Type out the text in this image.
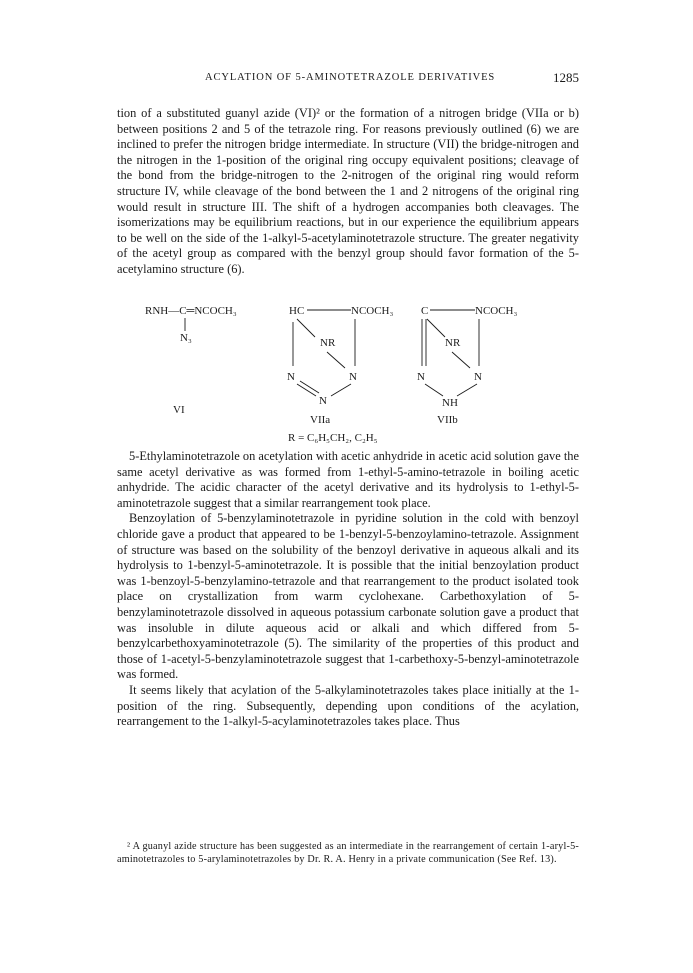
ACYLATION OF 5-AMINOTETRAZOLE DERIVATIVES	1285

tion of a substituted guanyl azide (VI)² or the formation of a nitrogen bridge (VIIa or b) between positions 2 and 5 of the tetrazole ring. For reasons previously outlined (6) we are inclined to prefer the nitrogen bridge intermediate. In structure (VII) the bridge-nitrogen and the nitrogen in the 1-position of the original ring occupy equivalent positions; cleavage of the bond from the bridge-nitrogen to the 2-nitrogen of the original ring would reform structure IV, while cleavage of the bond between the 1 and 2 nitrogens of the original ring would result in structure III. The shift of a hydrogen accompanies both cleavages. The isomerizations may be equilibrium reactions, but in our experience the equilibrium appears to be well on the side of the 1-alkyl-5-acetylaminotetrazole structure. The greater negativity of the acetyl group as compared with the benzyl group should favor formation of the 5-acetylamino structure (6).

RNH—C═NCOCH₃
N₃
VI
HC	NCOCH₃
NR
N	N
N
VIIa
C	NCOCH₃
NR
N	N
NH
VIIb
R = C₆H₅CH₂, C₂H₅

5-Ethylaminotetrazole on acetylation with acetic anhydride in acetic acid solution gave the same acetyl derivative as was formed from 1-ethyl-5-amino-tetrazole in boiling acetic anhydride. The acidic character of the acetyl derivative and its hydrolysis to 1-ethyl-5-aminotetrazole suggest that a similar rearrangement took place.

Benzoylation of 5-benzylaminotetrazole in pyridine solution in the cold with benzoyl chloride gave a product that appeared to be 1-benzyl-5-benzoylamino-tetrazole. Assignment of structure was based on the solubility of the benzoyl derivative in aqueous alkali and its hydrolysis to 1-benzyl-5-aminotetrazole. It is possible that the initial benzoylation product was 1-benzoyl-5-benzylamino-tetrazole and that rearrangement to the product isolated took place on crystallization from warm cyclohexane. Carbethoxylation of 5-benzylaminotetrazole dissolved in aqueous potassium carbonate solution gave a product that was insoluble in dilute aqueous acid or alkali and which differed from 5-benzylcarbethoxyaminotetrazole (5). The similarity of the properties of this product and those of 1-acetyl-5-benzylaminotetrazole suggest that 1-carbethoxy-5-benzyl-aminotetrazole was formed.

It seems likely that acylation of the 5-alkylaminotetrazoles takes place initially at the 1-position of the ring. Subsequently, depending upon conditions of the acylation, rearrangement to the 1-alkyl-5-acylaminotetrazoles takes place. Thus

² A guanyl azide structure has been suggested as an intermediate in the rearrangement of certain 1-aryl-5-aminotetrazoles to 5-arylaminotetrazoles by Dr. R. A. Henry in a private communication (See Ref. 13).
